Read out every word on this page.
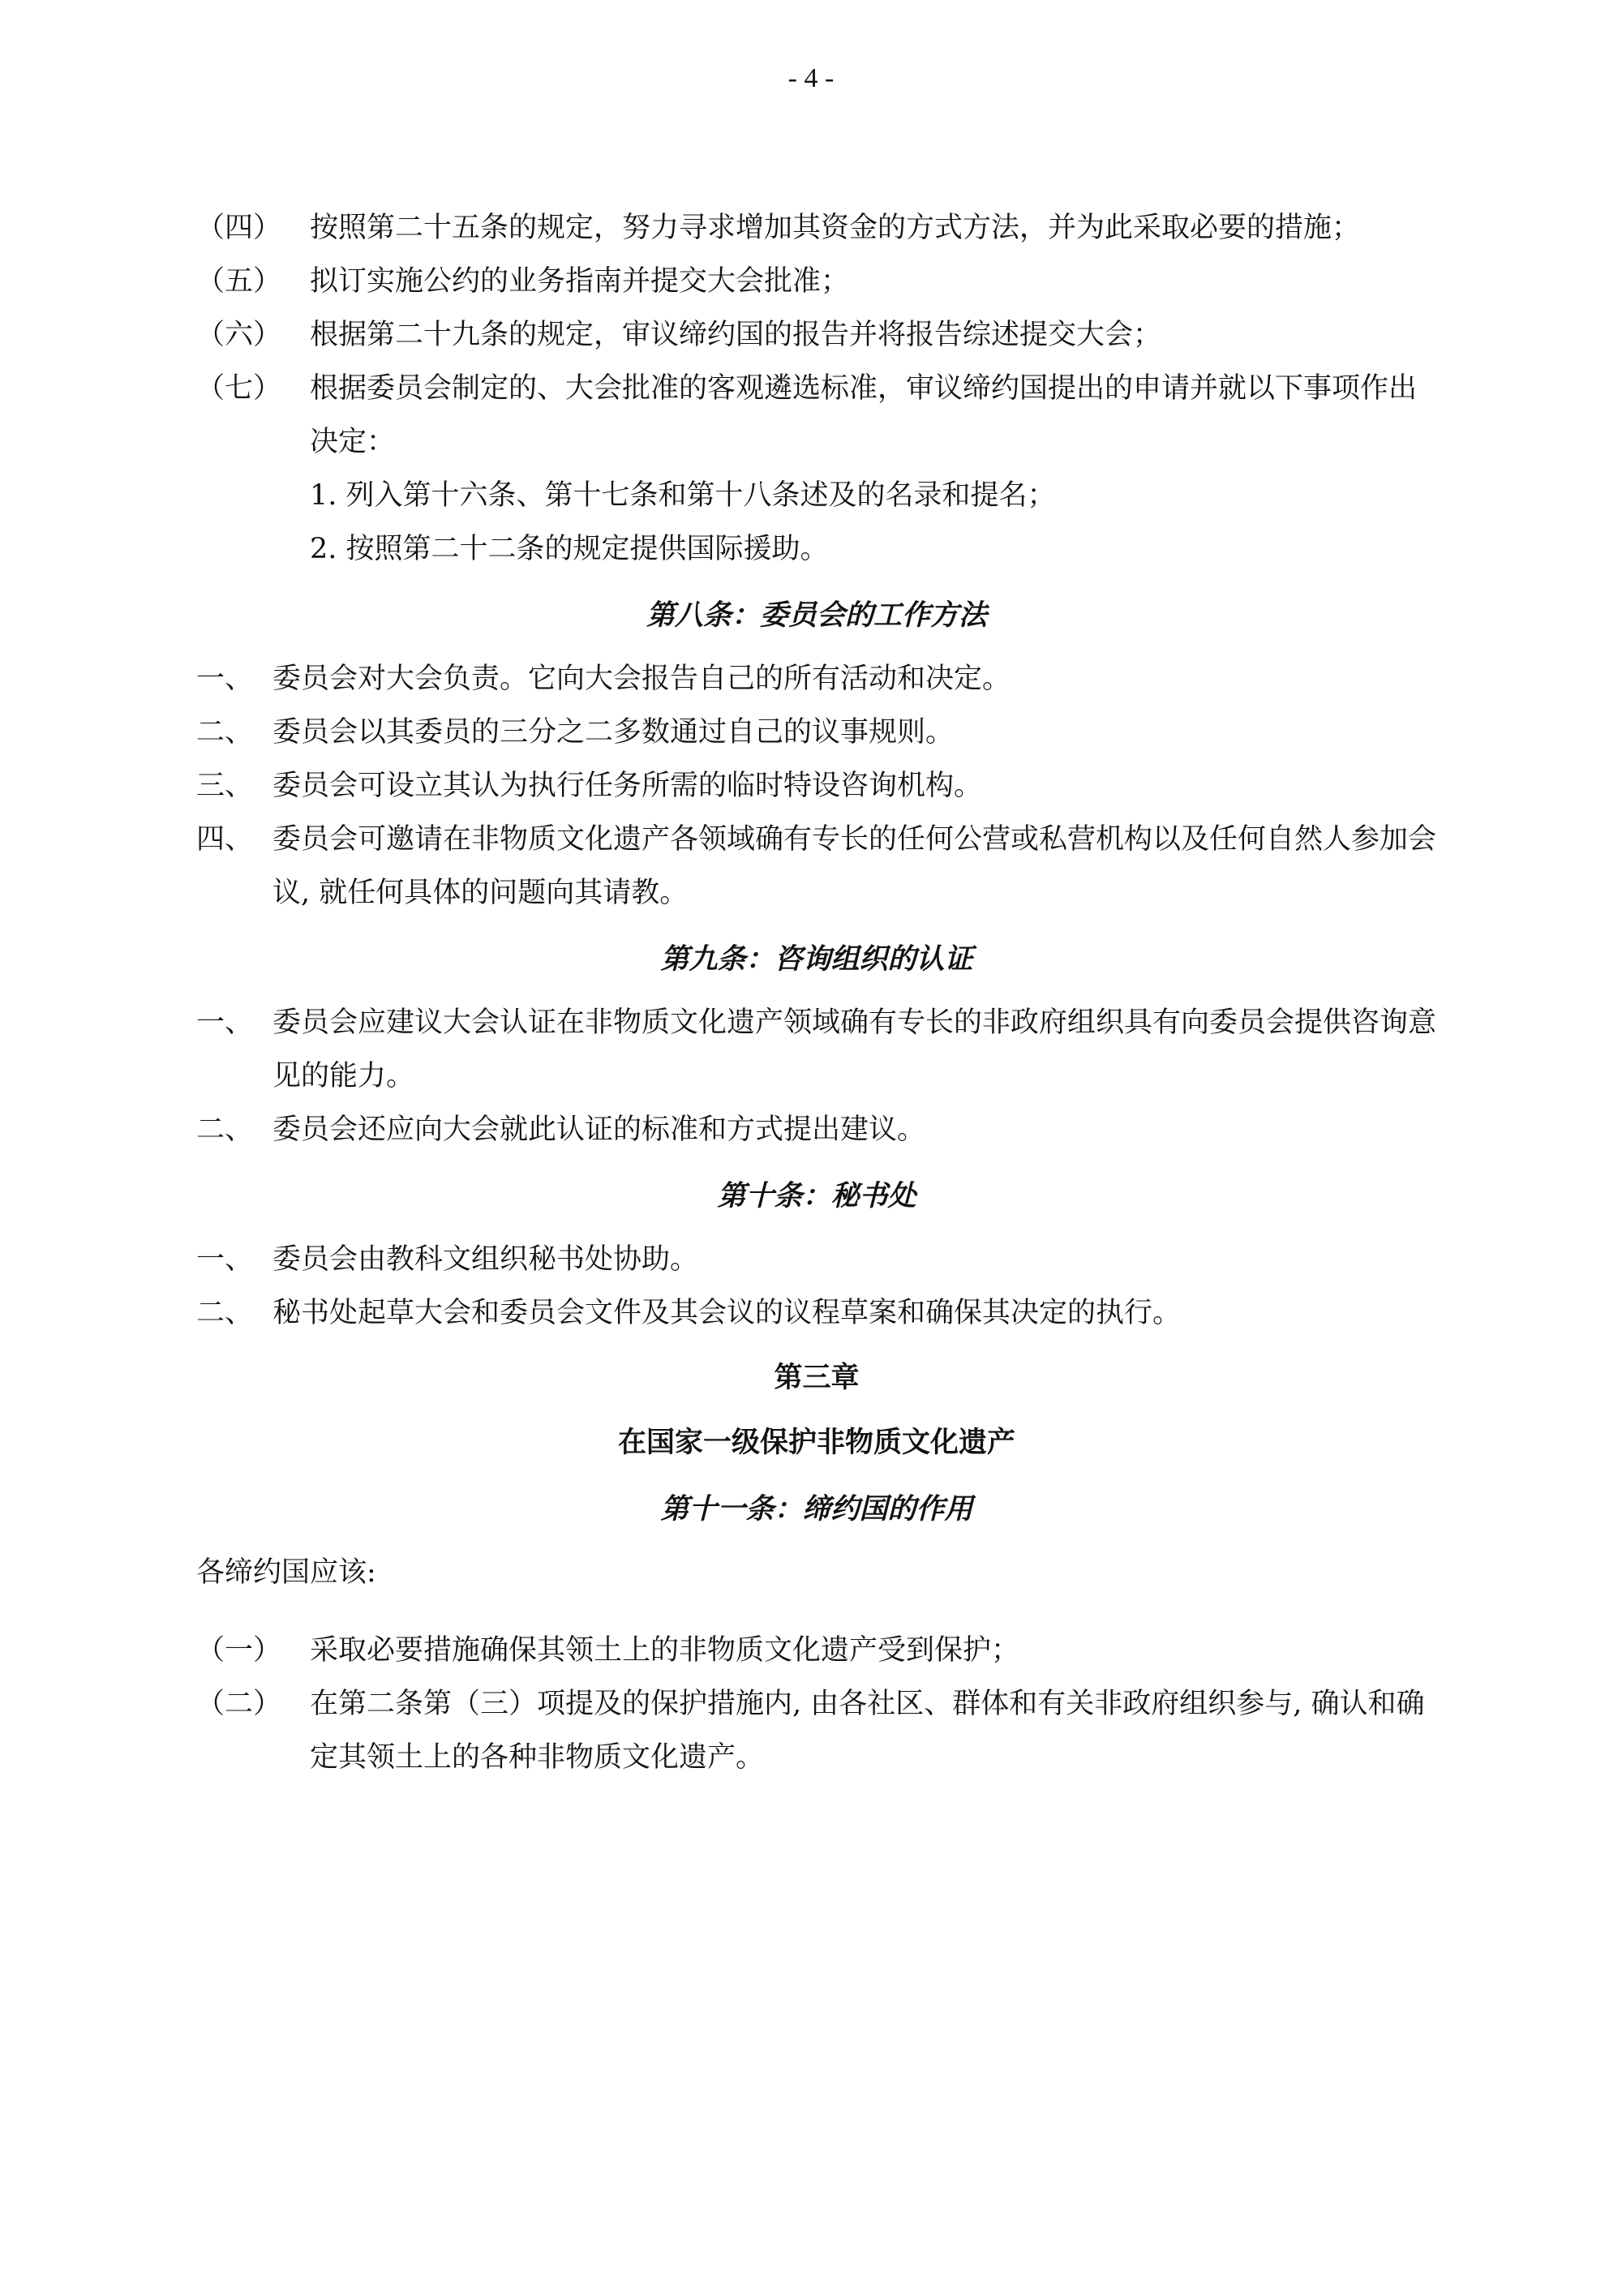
- 4 -
（四） 按照第二十五条的规定，努力寻求增加其资金的方式方法，并为此采取必要的措施；
（五） 拟订实施公约的业务指南并提交大会批准；
（六） 根据第二十九条的规定，审议缔约国的报告并将报告综述提交大会；
（七） 根据委员会制定的、大会批准的客观遴选标准，审议缔约国提出的申请并就以下事项作出决定：
1. 列入第十六条、第十七条和第十八条述及的名录和提名；
2. 按照第二十二条的规定提供国际援助。
第八条：委员会的工作方法
一、 委员会对大会负责。它向大会报告自己的所有活动和决定。
二、 委员会以其委员的三分之二多数通过自己的议事规则。
三、 委员会可设立其认为执行任务所需的临时特设咨询机构。
四、 委员会可邀请在非物质文化遗产各领域确有专长的任何公营或私营机构以及任何自然人参加会议, 就任何具体的问题向其请教。
第九条：咨询组织的认证
一、 委员会应建议大会认证在非物质文化遗产领域确有专长的非政府组织具有向委员会提供咨询意见的能力。
二、 委员会还应向大会就此认证的标准和方式提出建议。
第十条：秘书处
一、 委员会由教科文组织秘书处协助。
二、 秘书处起草大会和委员会文件及其会议的议程草案和确保其决定的执行。
第三章
在国家一级保护非物质文化遗产
第十一条：缔约国的作用
各缔约国应该:
（一） 采取必要措施确保其领土上的非物质文化遗产受到保护；
（二） 在第二条第（三）项提及的保护措施内, 由各社区、群体和有关非政府组织参与, 确认和确定其领土上的各种非物质文化遗产。
